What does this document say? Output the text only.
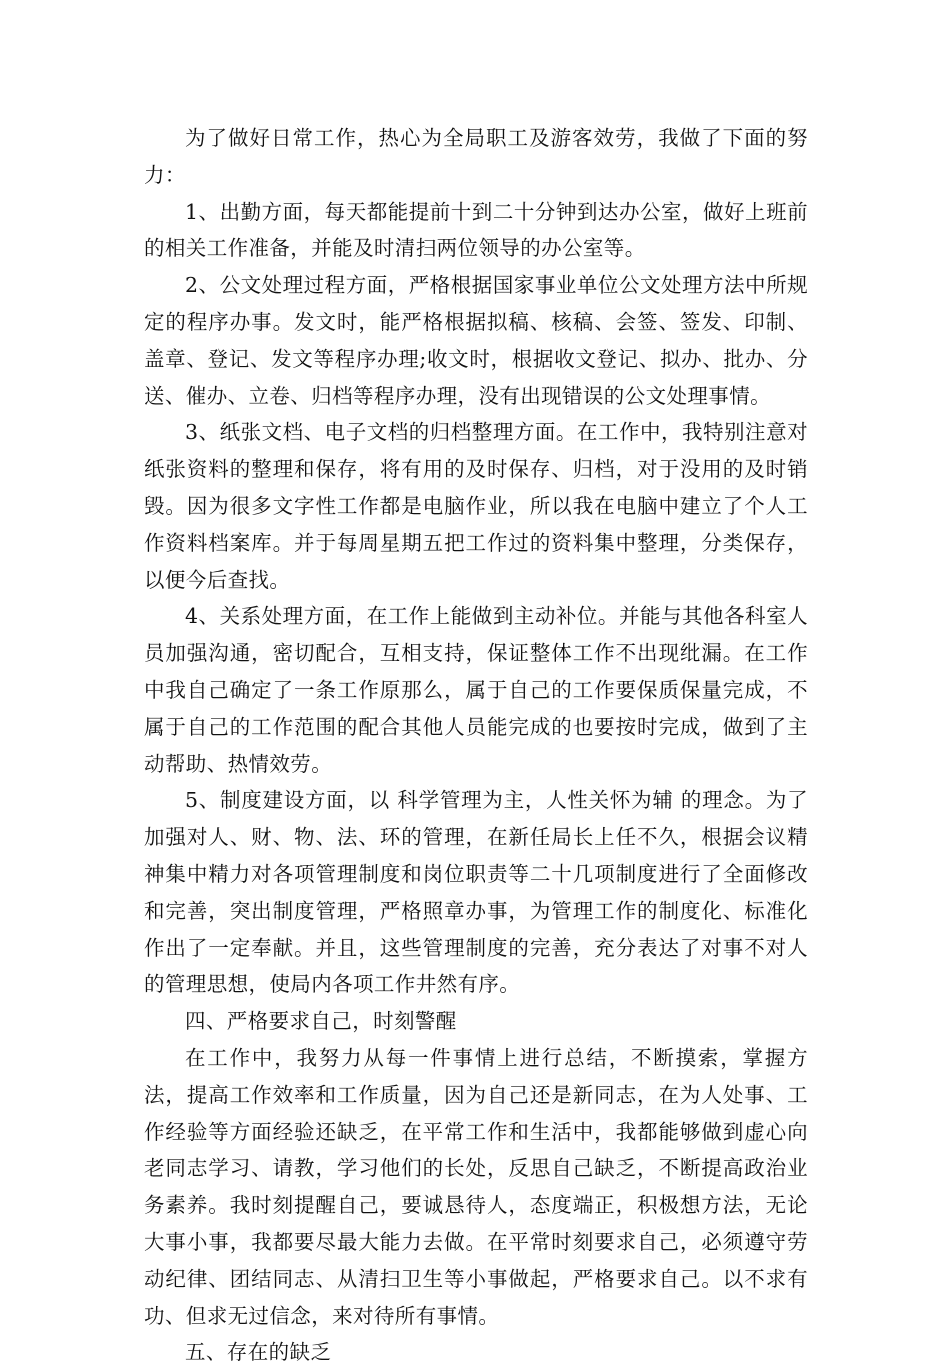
为了做好日常工作，热心为全局职工及游客效劳，我做了下面的努力：

1、出勤方面，每天都能提前十到二十分钟到达办公室，做好上班前的相关工作准备，并能及时清扫两位领导的办公室等。

2、公文处理过程方面，严格根据国家事业单位公文处理方法中所规定的程序办事。发文时，能严格根据拟稿、核稿、会签、签发、印制、盖章、登记、发文等程序办理;收文时，根据收文登记、拟办、批办、分送、催办、立卷、归档等程序办理，没有出现错误的公文处理事情。

3、纸张文档、电子文档的归档整理方面。在工作中，我特别注意对纸张资料的整理和保存，将有用的及时保存、归档，对于没用的及时销毁。因为很多文字性工作都是电脑作业，所以我在电脑中建立了个人工作资料档案库。并于每周星期五把工作过的资料集中整理，分类保存，以便今后查找。

4、关系处理方面，在工作上能做到主动补位。并能与其他各科室人员加强沟通，密切配合，互相支持，保证整体工作不出现纰漏。在工作中我自己确定了一条工作原那么，属于自己的工作要保质保量完成，不属于自己的工作范围的配合其他人员能完成的也要按时完成，做到了主动帮助、热情效劳。

5、制度建设方面，以 科学管理为主，人性关怀为辅 的理念。为了加强对人、财、物、法、环的管理，在新任局长上任不久，根据会议精神集中精力对各项管理制度和岗位职责等二十几项制度进行了全面修改和完善，突出制度管理，严格照章办事，为管理工作的制度化、标准化作出了一定奉献。并且，这些管理制度的完善，充分表达了对事不对人的管理思想，使局内各项工作井然有序。

四、严格要求自己，时刻警醒

在工作中，我努力从每一件事情上进行总结，不断摸索，掌握方法，提高工作效率和工作质量，因为自己还是新同志，在为人处事、工作经验等方面经验还缺乏，在平常工作和生活中，我都能够做到虚心向老同志学习、请教，学习他们的长处，反思自己缺乏，不断提高政治业务素养。我时刻提醒自己，要诚恳待人，态度端正，积极想方法，无论大事小事，我都要尽最大能力去做。在平常时刻要求自己，必须遵守劳动纪律、团结同志、从清扫卫生等小事做起，严格要求自己。以不求有功、但求无过信念，来对待所有事情。

五、存在的缺乏
